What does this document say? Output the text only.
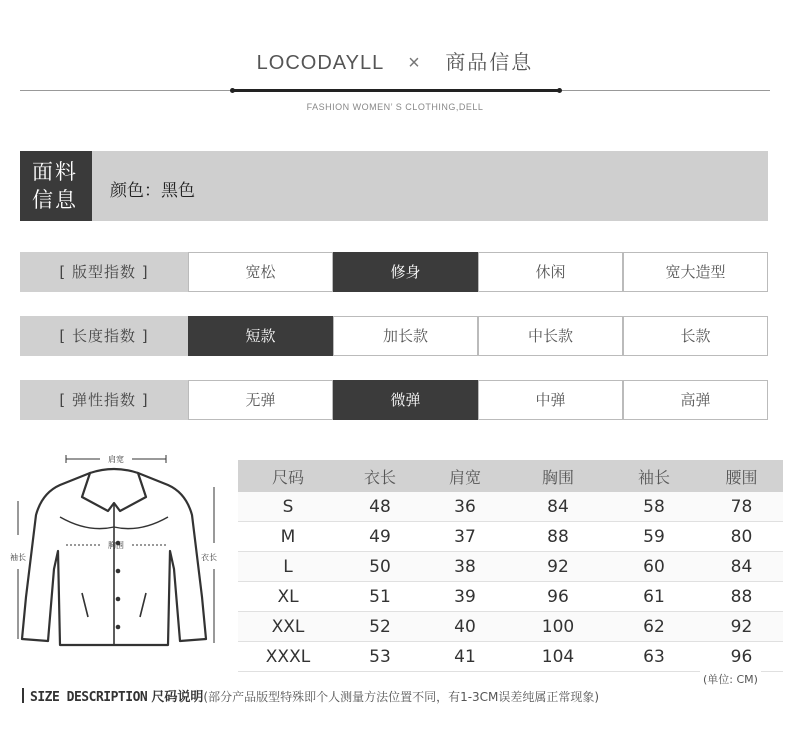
LOCODAYLL × 商品信息
FASHION WOMEN’ S CLOTHING,DELL
面料
信息	颜色：黑色
[ 版型指数 ]	宽松	修身	休闲	宽大造型
[ 长度指数 ]	短款	加长款	中长款	长款
[ 弹性指数 ]	无弹	微弹	中弹	高弹
肩宽
胸围
袖长	衣长
尺码	衣长	肩宽	胸围	袖长	腰围
S	48	36	84	58	78
M	49	37	88	59	80
L	50	38	92	60	84
XL	51	39	96	61	88
XXL	52	40	100	62	92
XXXL	53	41	104	63	96
(单位: CM)
SIZE DESCRIPTION 尺码说明(部分产品版型特殊即个人测量方法位置不同，有1-3CM误差纯属正常现象)
